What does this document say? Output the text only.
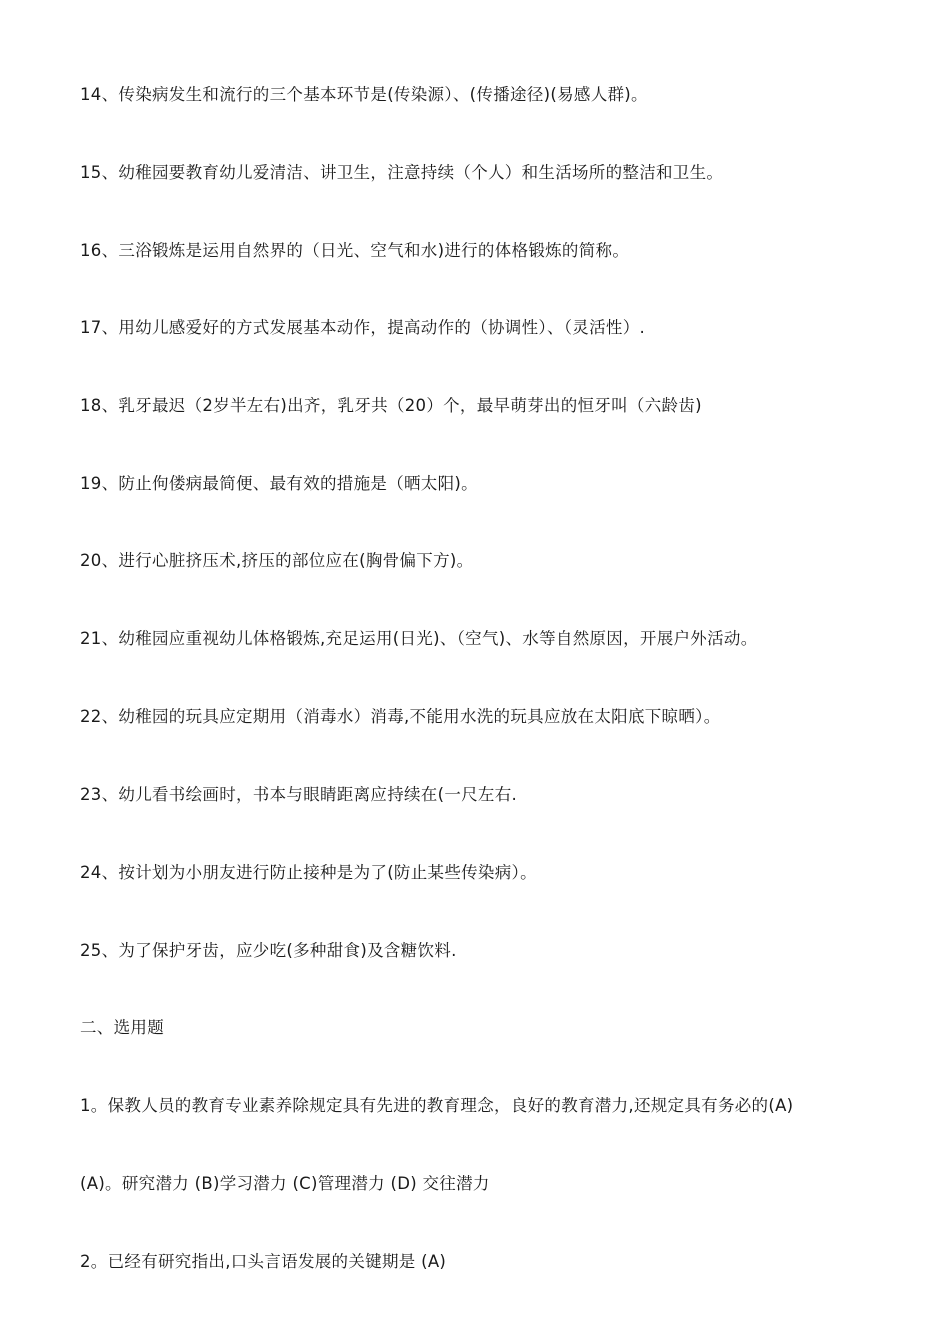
14、传染病发生和流行的三个基本环节是(传染源）、(传播途径)(易感人群)。
15、幼稚园要教育幼儿爱清洁、讲卫生，注意持续（个人）和生活场所的整洁和卫生。
16、三浴锻炼是运用自然界的（日光、空气和水)进行的体格锻炼的简称。
17、用幼儿感爱好的方式发展基本动作，提高动作的（协调性）、（灵活性）.
18、乳牙最迟（2岁半左右)出齐，乳牙共（20）个，最早萌芽出的恒牙叫（六龄齿)
19、防止佝偻病最简便、最有效的措施是（晒太阳)。
20、进行心脏挤压术,挤压的部位应在(胸骨偏下方)。
21、幼稚园应重视幼儿体格锻炼,充足运用(日光)、（空气)、水等自然原因，开展户外活动。
22、幼稚园的玩具应定期用（消毒水）消毒,不能用水洗的玩具应放在太阳底下晾晒）。
23、幼儿看书绘画时，书本与眼睛距离应持续在(一尺左右.
24、按计划为小朋友进行防止接种是为了(防止某些传染病）。
25、为了保护牙齿，应少吃(多种甜食)及含糖饮料.
二、选用题
1。保教人员的教育专业素养除规定具有先进的教育理念，良好的教育潜力,还规定具有务必的(A)
(A)。研究潜力 (B)学习潜力 (C)管理潜力 (D) 交往潜力
2。已经有研究指出,口头言语发展的关键期是 (A)
